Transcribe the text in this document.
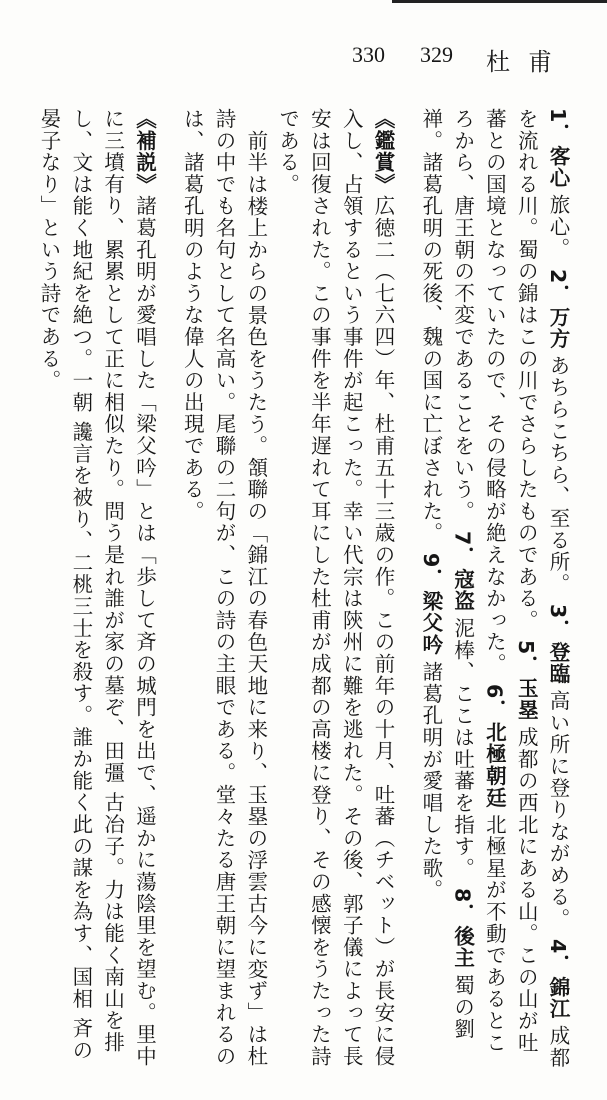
330 329 杜甫

1．客心旅心。2．万方あちらこちら、至る所。3．登臨高い所に登りながめる。4．錦江成都を流れる川。蜀の錦はこの川でさらしたものである。5．玉塁成都の西北にある山。この山が吐蕃との国境となっていたので、その侵略が絶えなかった。6．北極朝廷北極星が不動であるところから、唐王朝の不変であることをいう。7．寇盗泥棒、ここは吐蕃を指す。8．後主蜀の劉禅。諸葛孔明の死後、魏の国に亡ぼされた。9．梁父吟諸葛孔明が愛唱した歌。

《鑑賞》広徳二（七六四）年、杜甫五十三歳の作。この前年の十月、吐蕃（チベット）が長安に侵入し、占領するという事件が起こった。幸い代宗は陝州に難を逃れた。その後、郭子儀によって長安は回復された。この事件を半年遅れて耳にした杜甫が成都の高楼に登り、その感懐をうたった詩である。

　前半は楼上からの景色をうたう。頷聯の「錦江の春色天地に来り、玉塁の浮雲古今に変ず」は杜詩の中でも名句として名高い。尾聯の二句が、この詩の主眼である。堂々たる唐王朝に望まれるのは、諸葛孔明のような偉人の出現である。

《補説》諸葛孔明が愛唱した「梁父吟」とは「歩して斉の城門を出で、遥かに蕩陰里を望む。里中に三墳有り、累累として正に相似たり。問う是れ誰が家の墓ぞ、田彊 古冶子。力は能く南山を排し、文は能く地紀を絶つ。一朝 讒言を被り、二桃三士を殺す。誰か能く此の謀を為す、国相 斉の晏子なり」という詩である。
